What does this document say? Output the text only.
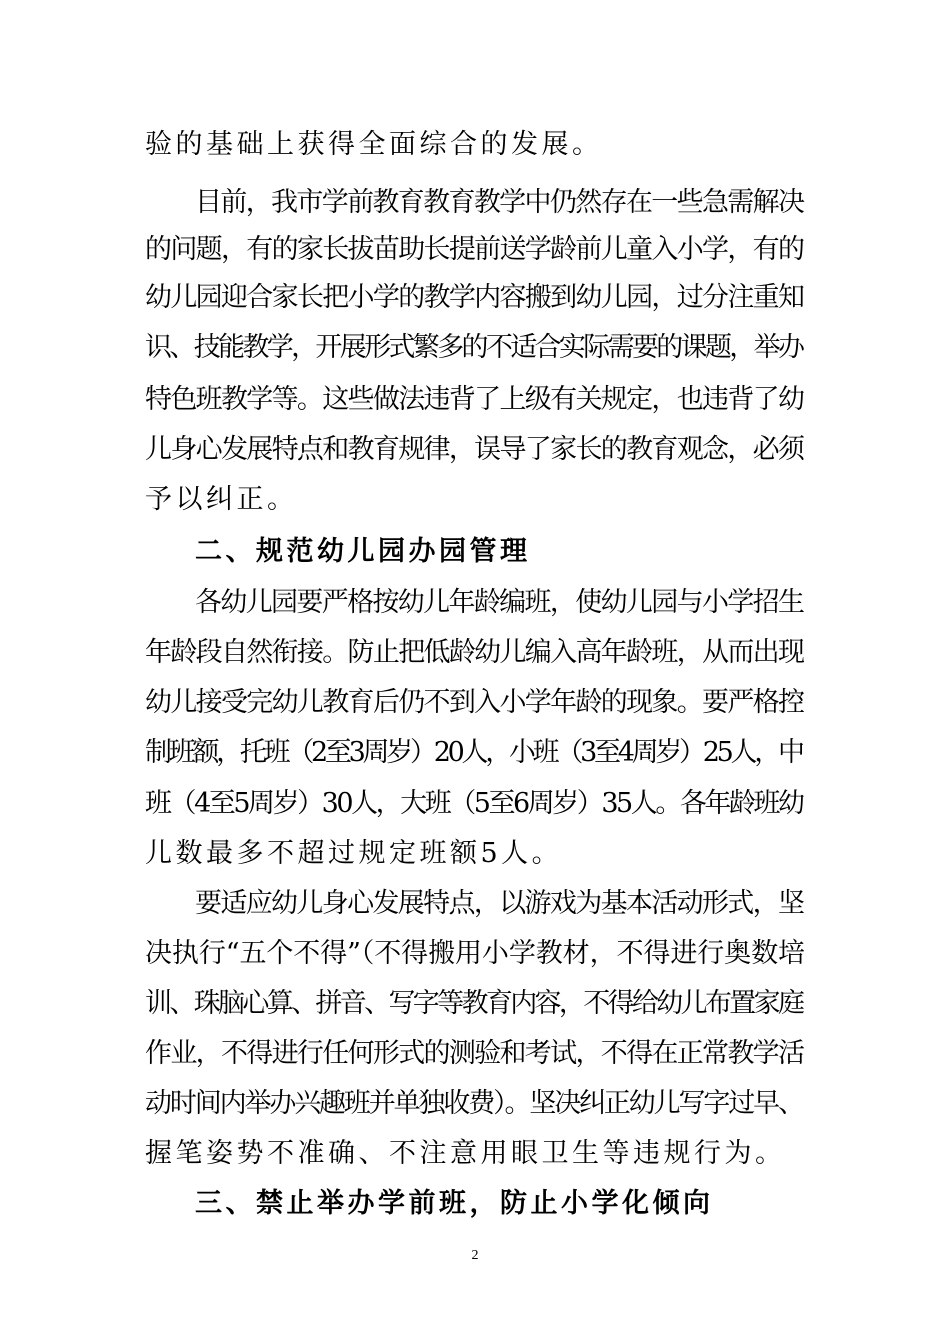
验的基础上获得全面综合的发展。
目前，我市学前教育教育教学中仍然存在一些急需解决
的问题，有的家长拔苗助长提前送学龄前儿童入小学，有的
幼儿园迎合家长把小学的教学内容搬到幼儿园，过分注重知
识、技能教学，开展形式繁多的不适合实际需要的课题，举办
特色班教学等。这些做法违背了上级有关规定，也违背了幼
儿身心发展特点和教育规律，误导了家长的教育观念，必须
予以纠正。
二、规范幼儿园办园管理
各幼儿园要严格按幼儿年龄编班，使幼儿园与小学招生
年龄段自然衔接。防止把低龄幼儿编入高年龄班，从而出现
幼儿接受完幼儿教育后仍不到入小学年龄的现象。要严格控
制班额，托班（2至3周岁）20人，小班（3至4周岁）25人，中
班（4至5周岁）30人，大班（5至6周岁）35人。各年龄班幼
儿数最多不超过规定班额5人。
要适应幼儿身心发展特点，以游戏为基本活动形式，坚
决执行“五个不得”（不得搬用小学教材，不得进行奥数培
训、珠脑心算、拼音、写字等教育内容，不得给幼儿布置家庭
作业，不得进行任何形式的测验和考试，不得在正常教学活
动时间内举办兴趣班并单独收费）。坚决纠正幼儿写字过早、
握笔姿势不准确、不注意用眼卫生等违规行为。
三、禁止举办学前班，防止小学化倾向
2
